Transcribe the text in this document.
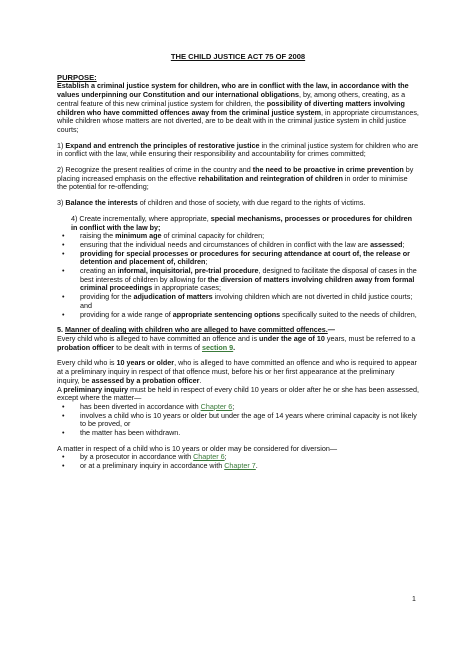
THE CHILD JUSTICE ACT 75 OF 2008
PURPOSE:

Establish a criminal justice system for children, who are in conflict with the law, in accordance with the values underpinning our Constitution and our international obligations, by, among others, creating, as a central feature of this new criminal justice system for children, the possibility of diverting matters involving children who have committed offences away from the criminal justice system, in appropriate circumstances, while children whose matters are not diverted, are to be dealt with in the criminal justice system in child justice courts;

1) Expand and entrench the principles of restorative justice in the criminal justice system for children who are in conflict with the law, while ensuring their responsibility and accountability for crimes committed;

2) Recognize the present realities of crime in the country and the need to be proactive in crime prevention by placing increased emphasis on the effective rehabilitation and reintegration of children in order to minimise the potential for re-offending;

3) Balance the interests of children and those of society, with due regard to the rights of victims.

4) Create incrementally, where appropriate, special mechanisms, processes or procedures for children in conflict with the law by;
• raising the minimum age of criminal capacity for children;
• ensuring that the individual needs and circumstances of children in conflict with the law are assessed;
• providing for special processes or procedures for securing attendance at court of, the release or detention and placement of, children;
• creating an informal, inquisitorial, pre-trial procedure, designed to facilitate the disposal of cases in the best interests of children by allowing for the diversion of matters involving children away from formal criminal proceedings in appropriate cases;
• providing for the adjudication of matters involving children which are not diverted in child justice courts; and
• providing for a wide range of appropriate sentencing options specifically suited to the needs of children,
5. Manner of dealing with children who are alleged to have committed offences.—

Every child who is alleged to have committed an offence and is under the age of 10 years, must be referred to a probation officer to be dealt with in terms of section 9.

Every child who is 10 years or older, who is alleged to have committed an offence and who is required to appear at a preliminary inquiry in respect of that offence must, before his or her first appearance at the preliminary inquiry, be assessed by a probation officer.

A preliminary inquiry must be held in respect of every child 10 years or older after he or she has been assessed, except where the matter—
• has been diverted in accordance with Chapter 6;
• involves a child who is 10 years or older but under the age of 14 years where criminal capacity is not likely to be proved, or
• the matter has been withdrawn.
A matter in respect of a child who is 10 years or older may be considered for diversion—
• by a prosecutor in accordance with Chapter 6;
• or at a preliminary inquiry in accordance with Chapter 7.
1
